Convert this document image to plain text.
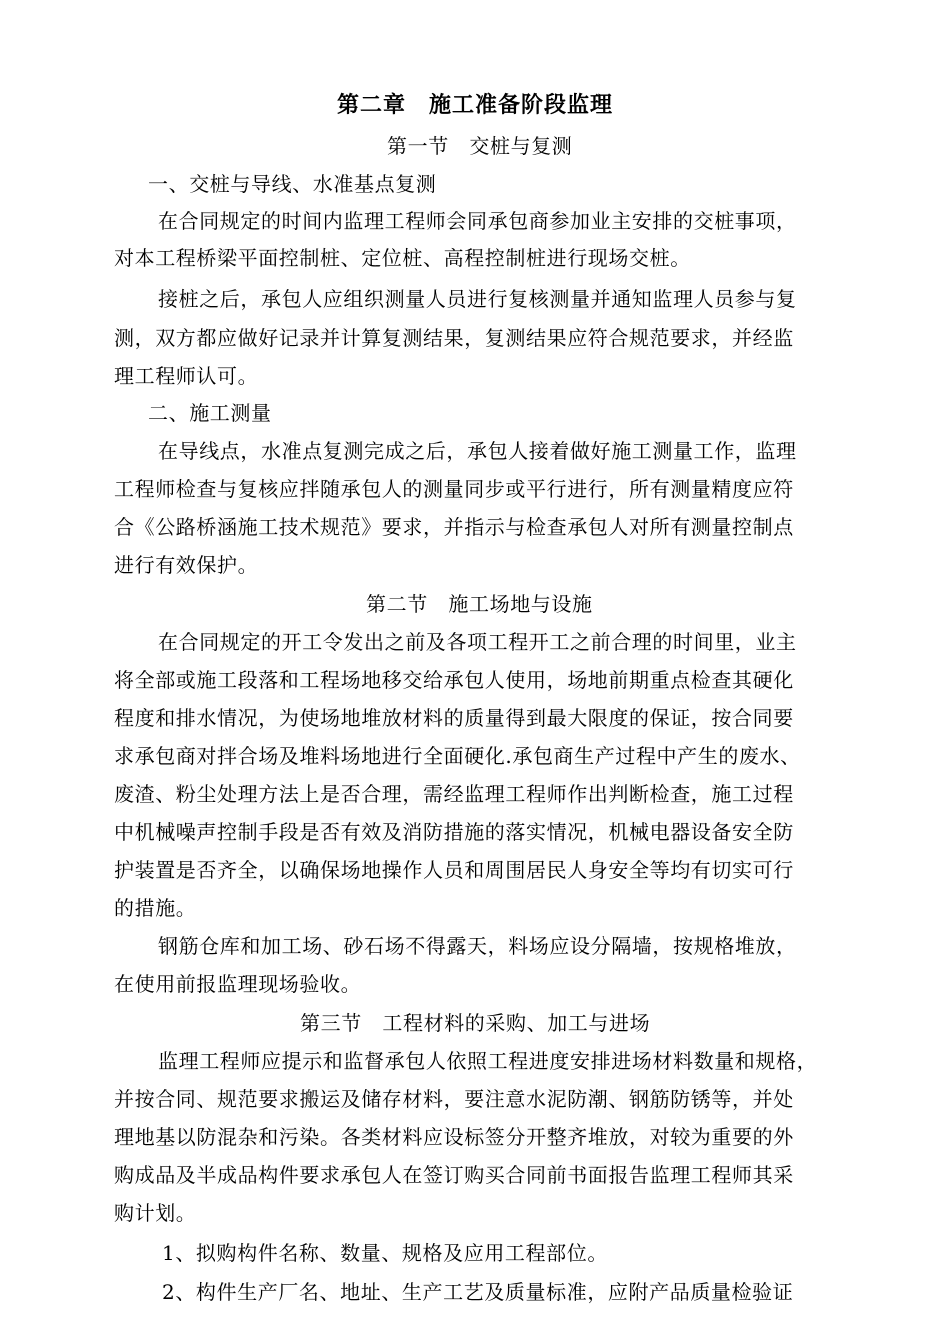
第二章　施工准备阶段监理
第一节　交桩与复测
一、交桩与导线、水准基点复测
在合同规定的时间内监理工程师会同承包商参加业主安排的交桩事项，
对本工程桥梁平面控制桩、定位桩、高程控制桩进行现场交桩。
接桩之后，承包人应组织测量人员进行复核测量并通知监理人员参与复
测，双方都应做好记录并计算复测结果，复测结果应符合规范要求，并经监
理工程师认可。
二、施工测量
在导线点，水准点复测完成之后，承包人接着做好施工测量工作，监理
工程师检查与复核应拌随承包人的测量同步或平行进行，所有测量精度应符
合《公路桥涵施工技术规范》要求，并指示与检查承包人对所有测量控制点
进行有效保护。
第二节　施工场地与设施
在合同规定的开工令发出之前及各项工程开工之前合理的时间里，业主
将全部或施工段落和工程场地移交给承包人使用，场地前期重点检查其硬化
程度和排水情况，为使场地堆放材料的质量得到最大限度的保证，按合同要
求承包商对拌合场及堆料场地进行全面硬化.承包商生产过程中产生的废水、
废渣、粉尘处理方法上是否合理，需经监理工程师作出判断检查，施工过程
中机械噪声控制手段是否有效及消防措施的落实情况，机械电器设备安全防
护装置是否齐全，以确保场地操作人员和周围居民人身安全等均有切实可行
的措施。
钢筋仓库和加工场、砂石场不得露天，料场应设分隔墙，按规格堆放，
在使用前报监理现场验收。
第三节　工程材料的采购、加工与进场
监理工程师应提示和监督承包人依照工程进度安排进场材料数量和规格，
并按合同、规范要求搬运及储存材料，要注意水泥防潮、钢筋防锈等，并处
理地基以防混杂和污染。各类材料应设标签分开整齐堆放，对较为重要的外
购成品及半成品构件要求承包人在签订购买合同前书面报告监理工程师其采
购计划。
1、拟购构件名称、数量、规格及应用工程部位。
2、构件生产厂名、地址、生产工艺及质量标准，应附产品质量检验证
